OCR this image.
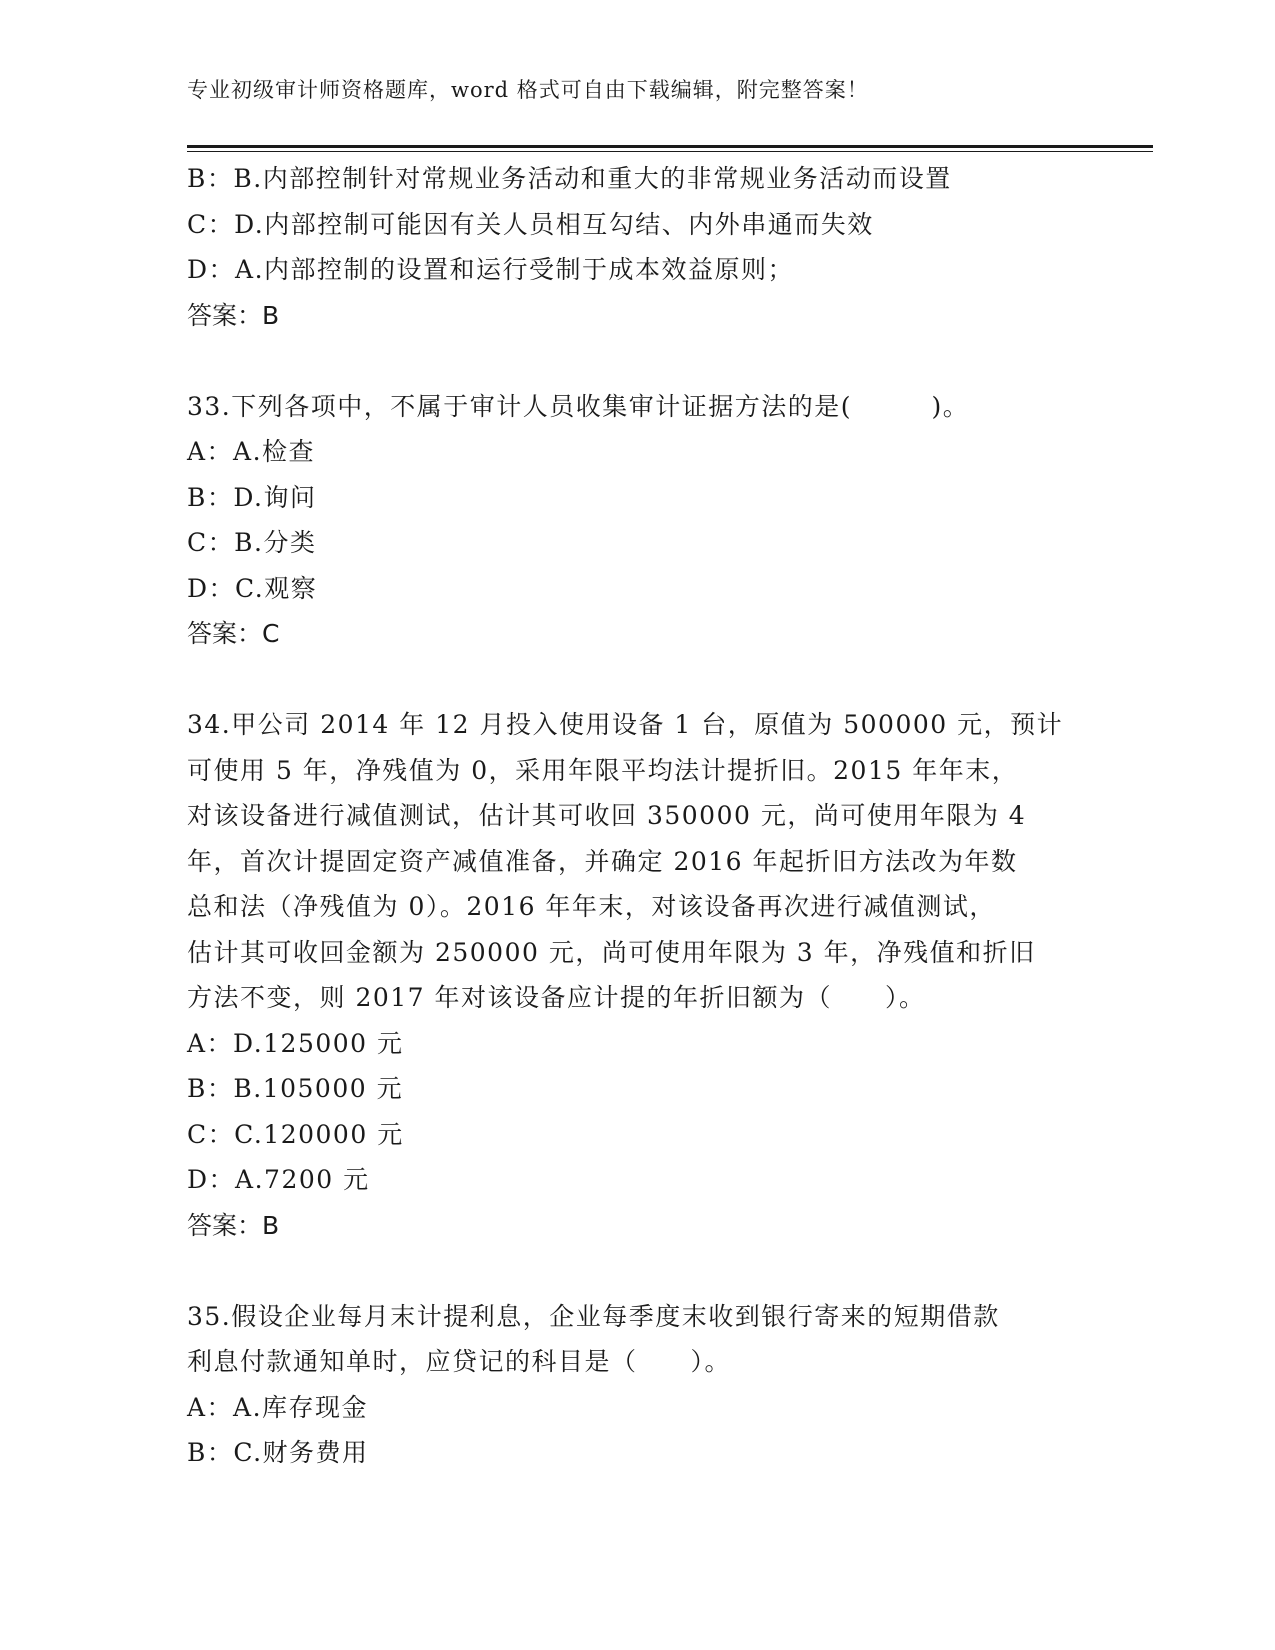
专业初级审计师资格题库，word 格式可自由下载编辑，附完整答案！
B：B.内部控制针对常规业务活动和重大的非常规业务活动而设置
C：D.内部控制可能因有关人员相互勾结、内外串通而失效
D：A.内部控制的设置和运行受制于成本效益原则；
答案：B
33.下列各项中，不属于审计人员收集审计证据方法的是(　　　)。
A：A.检查
B：D.询问
C：B.分类
D：C.观察
答案：C
34.甲公司 2014 年 12 月投入使用设备 1 台，原值为 500000 元，预计
可使用 5 年，净残值为 0，采用年限平均法计提折旧。2015 年年末，
对该设备进行减值测试，估计其可收回 350000 元，尚可使用年限为 4
年，首次计提固定资产减值准备，并确定 2016 年起折旧方法改为年数
总和法（净残值为 0）。2016 年年末，对该设备再次进行减值测试，
估计其可收回金额为 250000 元，尚可使用年限为 3 年，净残值和折旧
方法不变，则 2017 年对该设备应计提的年折旧额为（　　）。
A：D.125000 元
B：B.105000 元
C：C.120000 元
D：A.7200 元
答案：B
35.假设企业每月末计提利息，企业每季度末收到银行寄来的短期借款
利息付款通知单时，应贷记的科目是（　　）。
A：A.库存现金
B：C.财务费用
